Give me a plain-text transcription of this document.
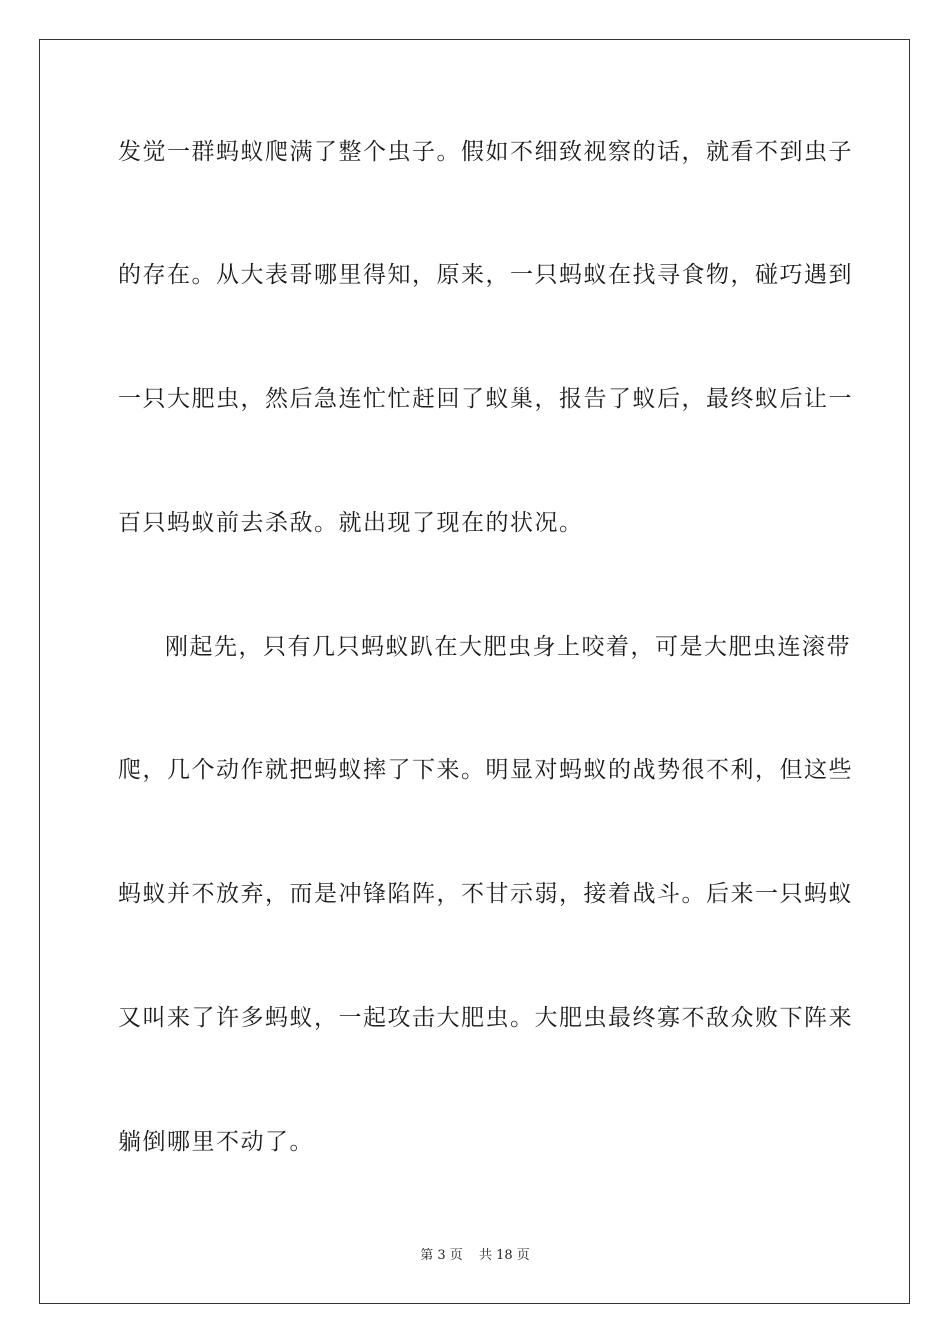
发觉一群蚂蚁爬满了整个虫子。假如不细致视察的话，就看不到虫子
的存在。从大表哥哪里得知，原来，一只蚂蚁在找寻食物，碰巧遇到
一只大肥虫，然后急连忙忙赶回了蚁巢，报告了蚁后，最终蚁后让一
百只蚂蚁前去杀敌。就出现了现在的状况。
刚起先，只有几只蚂蚁趴在大肥虫身上咬着，可是大肥虫连滚带
爬，几个动作就把蚂蚁摔了下来。明显对蚂蚁的战势很不利，但这些
蚂蚁并不放弃，而是冲锋陷阵，不甘示弱，接着战斗。后来一只蚂蚁
又叫来了许多蚂蚁，一起攻击大肥虫。大肥虫最终寡不敌众败下阵来
躺倒哪里不动了。
第 3 页 共 18 页
